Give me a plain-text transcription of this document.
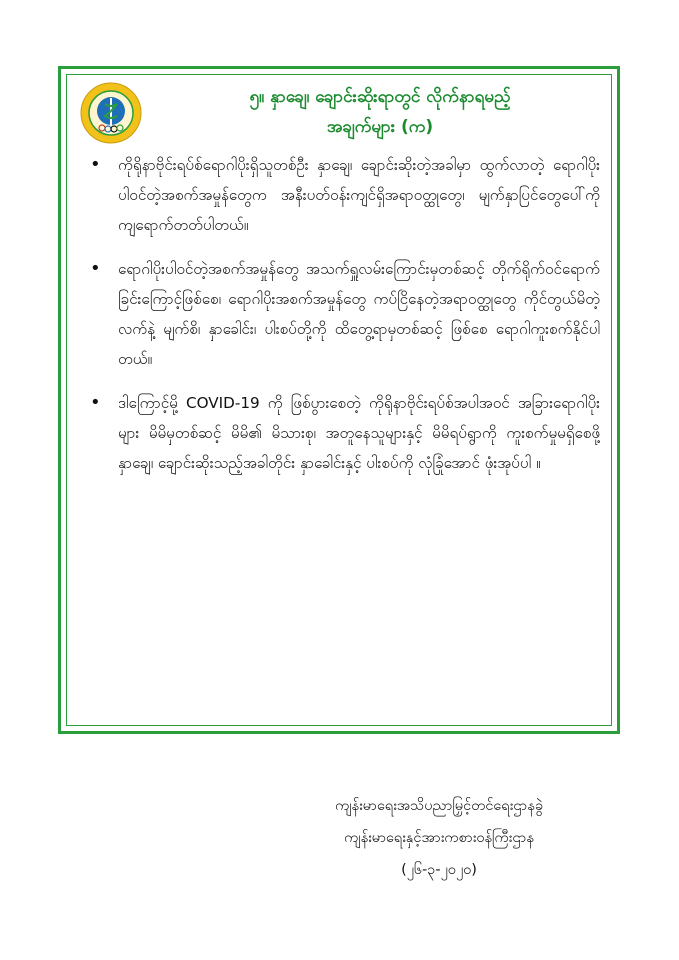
၅။ နှာချေ၊ ချောင်းဆိုးရာတွင် လိုက်နာရမည့်
အချက်များ (က)
• ကိုရိုနာဗိုင်းရပ်စ်ရောဂါပိုးရှိသူတစ်ဦး နှာချေ၊ ချောင်းဆိုးတဲ့အခါမှာ ထွက်လာတဲ့ ရောဂါပိုးပါဝင်တဲ့အစက်အမှုန်တွေက အနီးပတ်ဝန်းကျင်ရှိအရာဝတ္ထုတွေ၊ မျက်နှာပြင်တွေပေါ်ကို ကျရောက်တတ်ပါတယ်။
• ရောဂါပိုးပါဝင်တဲ့အစက်အမှုန်တွေ အသက်ရှူလမ်းကြောင်းမှတစ်ဆင့် တိုက်ရိုက်ဝင်ရောက်ခြင်းကြောင့်ဖြစ်စေ၊ ရောဂါပိုးအစက်အမှုန်တွေ ကပ်ငြိနေတဲ့အရာဝတ္ထုတွေ ကိုင်တွယ်မိတဲ့ လက်နဲ့ မျက်စိ၊ နှာခေါင်း၊ ပါးစပ်တို့ကို ထိတွေ့ရာမှတစ်ဆင့် ဖြစ်စေ ရောဂါကူးစက်နိုင်ပါတယ်။
• ဒါကြောင့်မို့ COVID-19 ကို ဖြစ်ပွားစေတဲ့ ကိုရိုနာဗိုင်းရပ်စ်အပါအဝင် အခြားရောဂါပိုးများ မိမိမှတစ်ဆင့် မိမိ၏ မိသားစု၊ အတူနေသူများနှင့် မိမိရပ်ရွာကို ကူးစက်မှုမရှိစေဖို့ နှာချေ၊ ချောင်းဆိုးသည့်အခါတိုင်း နှာခေါင်းနှင့် ပါးစပ်ကို လုံခြုံအောင် ဖုံးအုပ်ပါ ။
ကျန်းမာရေးအသိပညာမြှင့်တင်ရေးဌာနခွဲ
ကျန်းမာရေးနှင့်အားကစားဝန်ကြီးဌာန
(၂၆-၃-၂၀၂၀)
